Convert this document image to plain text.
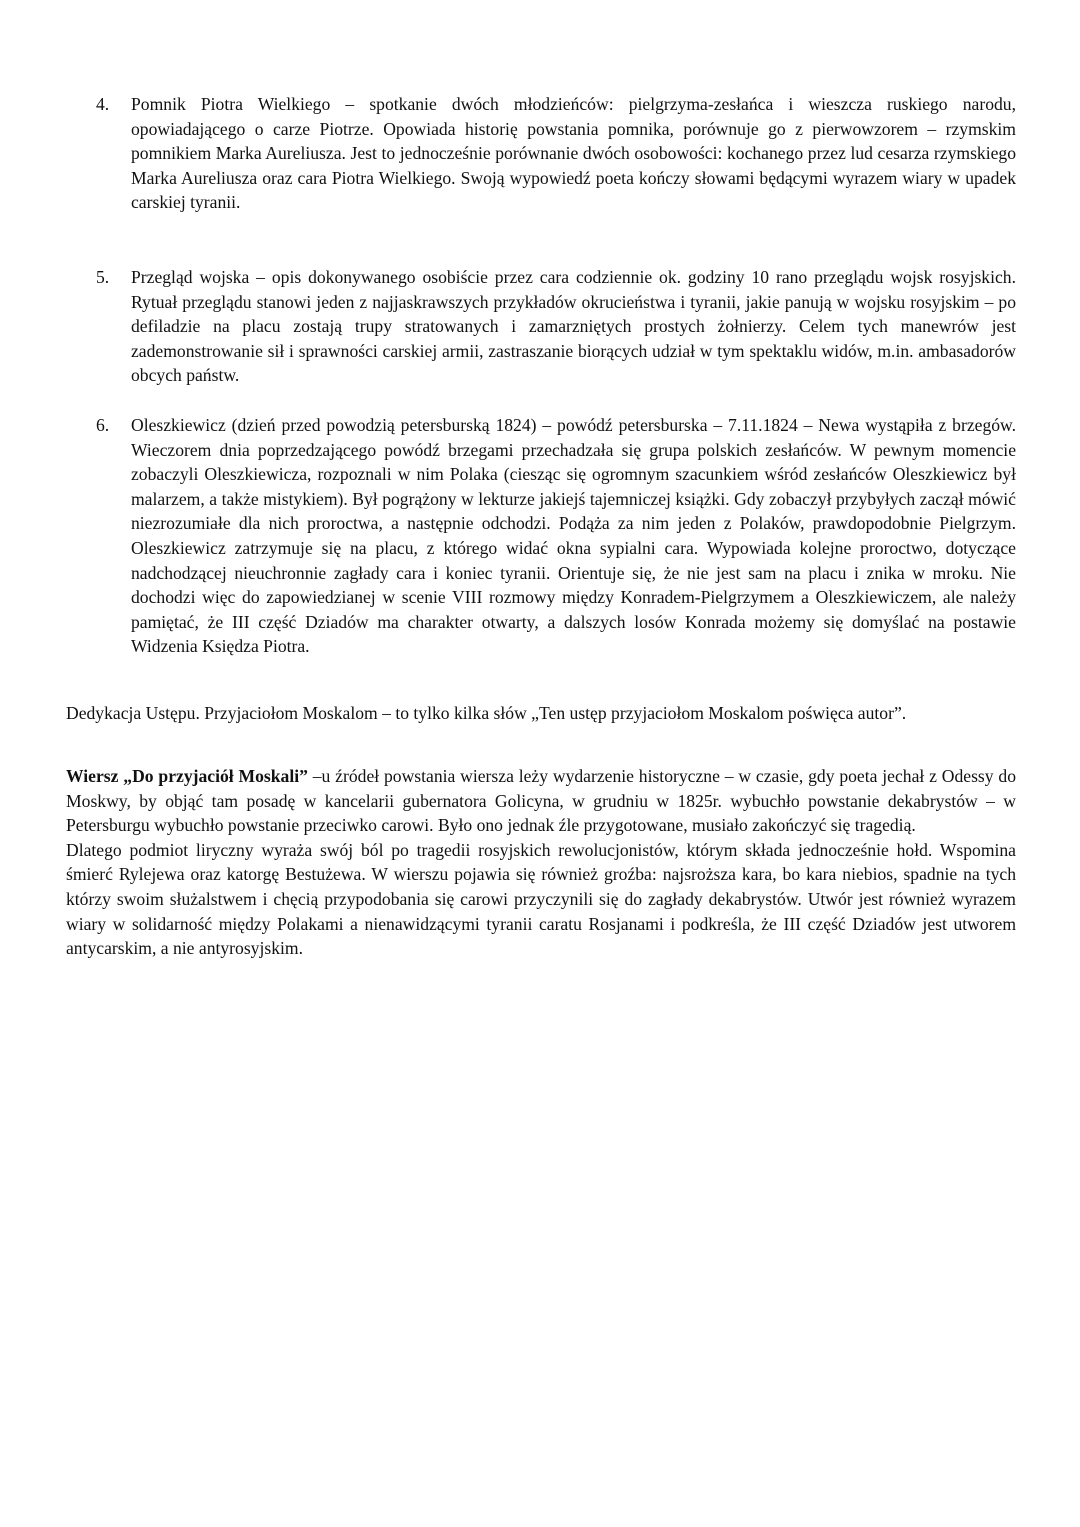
4.	Pomnik Piotra Wielkiego – spotkanie dwóch młodzieńców: pielgrzyma-zesłańca i wieszcza ruskiego narodu, opowiadającego o carze Piotrze. Opowiada historię powstania pomnika, porównuje go z pierwowzorem – rzymskim pomnikiem Marka Aureliusza. Jest to jednocześnie porównanie dwóch osobowości: kochanego przez lud cesarza rzymskiego Marka Aureliusza oraz cara Piotra Wielkiego. Swoją wypowiedź poeta kończy słowami będącymi wyrazem wiary w upadek carskiej tyranii.
5.	Przegląd wojska – opis dokonywanego osobiście przez cara codziennie ok. godziny 10 rano przeglądu wojsk rosyjskich. Rytuał przeglądu stanowi jeden z najjaskrawszych przykładów okrucieństwa i tyranii, jakie panują w wojsku rosyjskim – po defiladzie na placu zostają trupy stratowanych i zamarzniętych prostych żołnierzy. Celem tych manewrów jest zademonstrowanie sił i sprawności carskiej armii, zastraszanie biorących udział w tym spektaklu widów, m.in. ambasadorów obcych państw.
6.	Oleszkiewicz (dzień przed powodzią petersburską 1824) – powódź petersburska – 7.11.1824 – Newa wystąpiła z brzegów. Wieczorem dnia poprzedzającego powódź brzegami przechadzała się grupa polskich zesłańców. W pewnym momencie zobaczyli Oleszkiewicza, rozpoznali w nim Polaka (ciesząc się ogromnym szacunkiem wśród zesłańców Oleszkiewicz był malarzem, a także mistykiem). Był pogrążony w lekturze jakiejś tajemniczej książki. Gdy zobaczył przybyłych zaczął mówić niezrozumiałe dla nich proroctwa, a następnie odchodzi. Podąża za nim jeden z Polaków, prawdopodobnie Pielgrzym. Oleszkiewicz zatrzymuje się na placu, z którego widać okna sypialni cara. Wypowiada kolejne proroctwo, dotyczące nadchodzącej nieuchronnie zagłady cara i koniec tyranii. Orientuje się, że nie jest sam na placu i znika w mroku. Nie dochodzi więc do zapowiedzianej w scenie VIII rozmowy między Konradem-Pielgrzymem a Oleszkiewiczem, ale należy pamiętać, że III część Dziadów ma charakter otwarty, a dalszych losów Konrada możemy się domyślać na postawie Widzenia Księdza Piotra.
Dedykacja Ustępu. Przyjaciołom Moskalom – to tylko kilka słów „Ten ustęp przyjaciołom Moskalom poświęca autor”.

Wiersz „Do przyjaciół Moskali” –u źródeł powstania wiersza leży wydarzenie historyczne – w czasie, gdy poeta jechał z Odessy do Moskwy, by objąć tam posadę w kancelarii gubernatora Golicyna, w grudniu w 1825r. wybuchło powstanie dekabrystów – w Petersburgu wybuchło powstanie przeciwko carowi. Było ono jednak źle przygotowane, musiało zakończyć się tragedią.

Dlatego podmiot liryczny wyraża swój ból po tragedii rosyjskich rewolucjonistów, którym składa jednocześnie hołd. Wspomina śmierć Rylejewa oraz katorgę Bestużewa. W wierszu pojawia się również groźba: najsroższa kara, bo kara niebios, spadnie na tych którzy swoim służalstwem i chęcią przypodobania się carowi przyczynili się do zagłady dekabrystów. Utwór jest również wyrazem wiary w solidarność między Polakami a nienawidzącymi tyranii caratu Rosjanami i podkreśla, że III część Dziadów jest utworem antycarskim, a nie antyrosyjskim.
